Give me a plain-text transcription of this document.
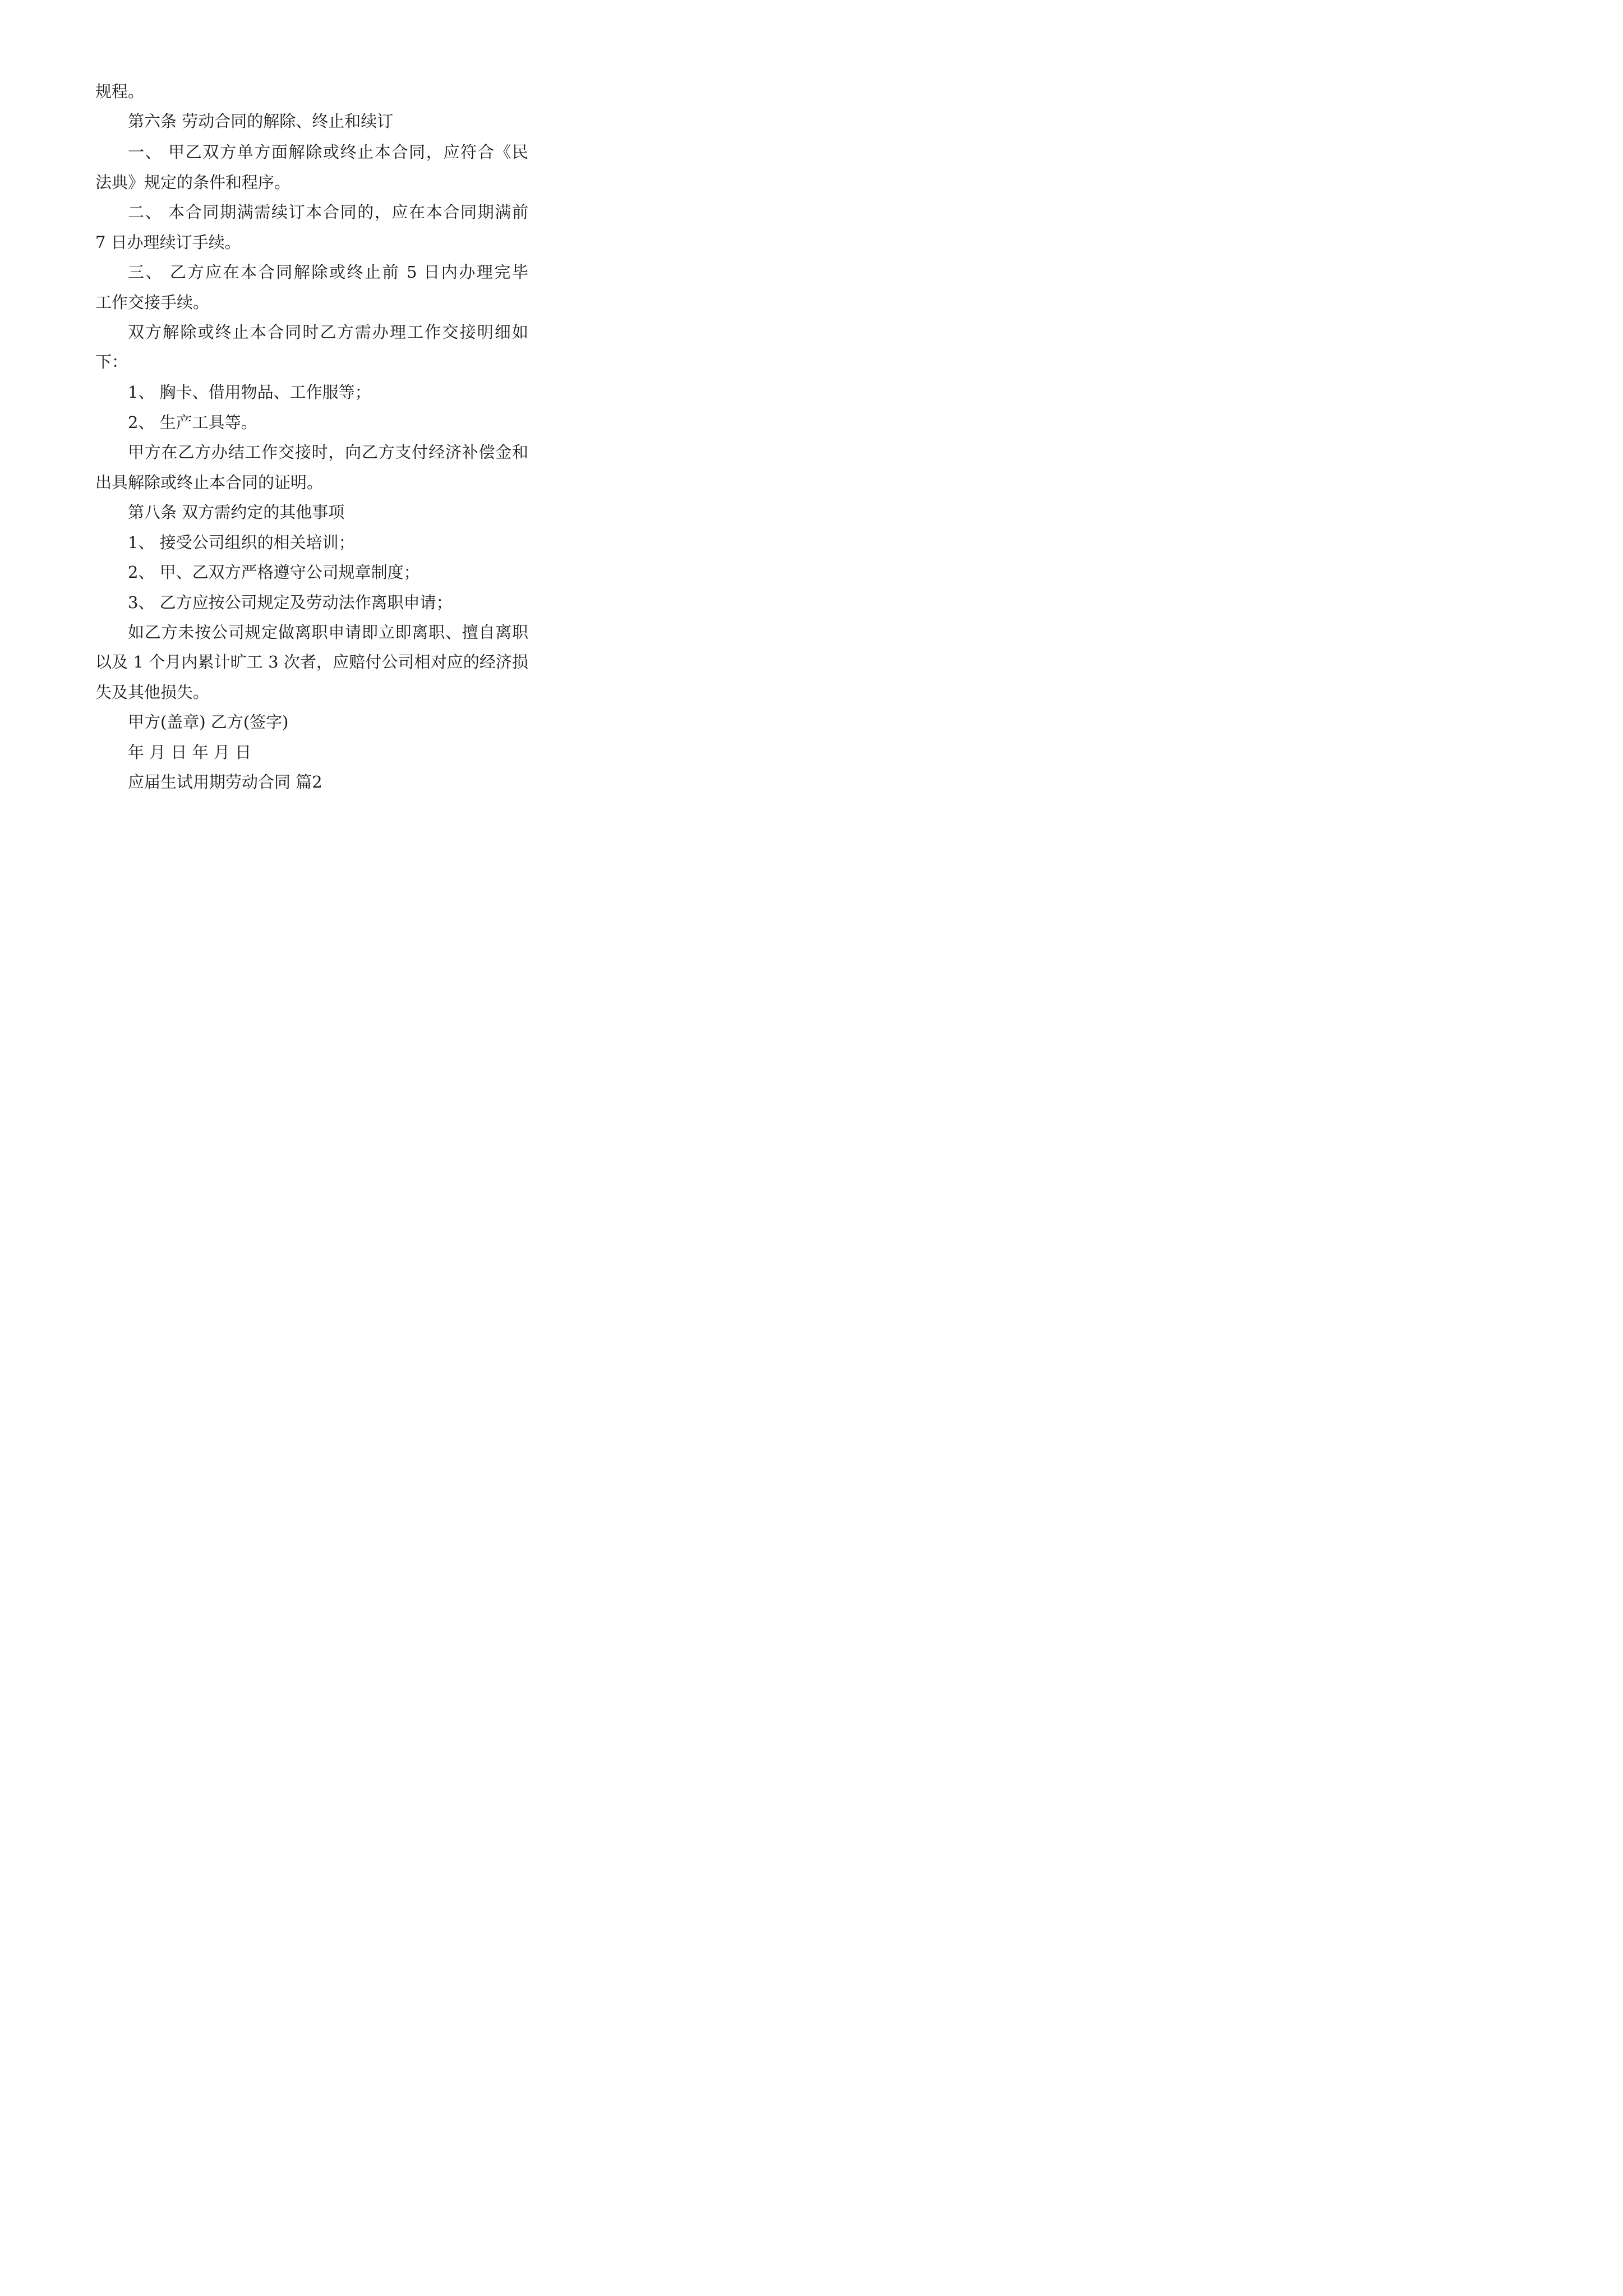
规程。

第六条 劳动合同的解除、终止和续订

一、 甲乙双方单方面解除或终止本合同，应符合《民

法典》规定的条件和程序。

二、 本合同期满需续订本合同的，应在本合同期满前

7 日办理续订手续。

三、 乙方应在本合同解除或终止前 5 日内办理完毕

工作交接手续。

双方解除或终止本合同时乙方需办理工作交接明细如

下：

1、 胸卡、借用物品、工作服等；

2、 生产工具等。

甲方在乙方办结工作交接时，向乙方支付经济补偿金和

出具解除或终止本合同的证明。

第八条 双方需约定的其他事项

1、 接受公司组织的相关培训；

2、 甲、乙双方严格遵守公司规章制度；

3、 乙方应按公司规定及劳动法作离职申请；

如乙方未按公司规定做离职申请即立即离职、擅自离职

以及 1 个月内累计旷工 3 次者，应赔付公司相对应的经济损

失及其他损失。

甲方(盖章) 乙方(签字)

年 月 日 年 月 日

应届生试用期劳动合同 篇2
